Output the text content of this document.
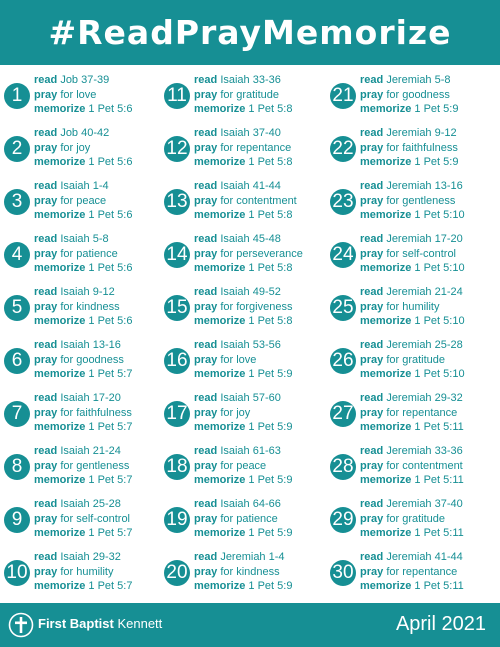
#ReadPrayMemorize
1
read Job 37-39
pray for love
memorize 1 Pet 5:6
2
read Job 40-42
pray for joy
memorize 1 Pet 5:6
3
read Isaiah 1-4
pray for peace
memorize 1 Pet 5:6
4
read Isaiah 5-8
pray for patience
memorize 1 Pet 5:6
5
read Isaiah 9-12
pray for kindness
memorize 1 Pet 5:6
6
read Isaiah 13-16
pray for goodness
memorize 1 Pet 5:7
7
read Isaiah 17-20
pray for faithfulness
memorize 1 Pet 5:7
8
read Isaiah 21-24
pray for gentleness
memorize 1 Pet 5:7
9
read Isaiah 25-28
pray for self-control
memorize 1 Pet 5:7
10
read Isaiah 29-32
pray for humility
memorize 1 Pet 5:7
11
read Isaiah 33-36
pray for gratitude
memorize 1 Pet 5:8
12
read Isaiah 37-40
pray for repentance
memorize 1 Pet 5:8
13
read Isaiah 41-44
pray for contentment
memorize 1 Pet 5:8
14
read Isaiah 45-48
pray for perseverance
memorize 1 Pet 5:8
15
read Isaiah 49-52
pray for forgiveness
memorize 1 Pet 5:8
16
read Isaiah 53-56
pray for love
memorize 1 Pet 5:9
17
read Isaiah 57-60
pray for joy
memorize 1 Pet 5:9
18
read Isaiah 61-63
pray for peace
memorize 1 Pet 5:9
19
read Isaiah 64-66
pray for patience
memorize 1 Pet 5:9
20
read Jeremiah 1-4
pray for kindness
memorize 1 Pet 5:9
21
read Jeremiah 5-8
pray for goodness
memorize 1 Pet 5:9
22
read Jeremiah 9-12
pray for faithfulness
memorize 1 Pet 5:9
23
read Jeremiah 13-16
pray for gentleness
memorize 1 Pet 5:10
24
read Jeremiah 17-20
pray for self-control
memorize 1 Pet 5:10
25
read Jeremiah 21-24
pray for humility
memorize 1 Pet 5:10
26
read Jeremiah 25-28
pray for gratitude
memorize 1 Pet 5:10
27
read Jeremiah 29-32
pray for repentance
memorize 1 Pet 5:11
28
read Jeremiah 33-36
pray for contentment
memorize 1 Pet 5:11
29
read Jeremiah 37-40
pray for gratitude
memorize 1 Pet 5:11
30
read Jeremiah 41-44
pray for repentance
memorize 1 Pet 5:11
First Baptist Kennett	April 2021
